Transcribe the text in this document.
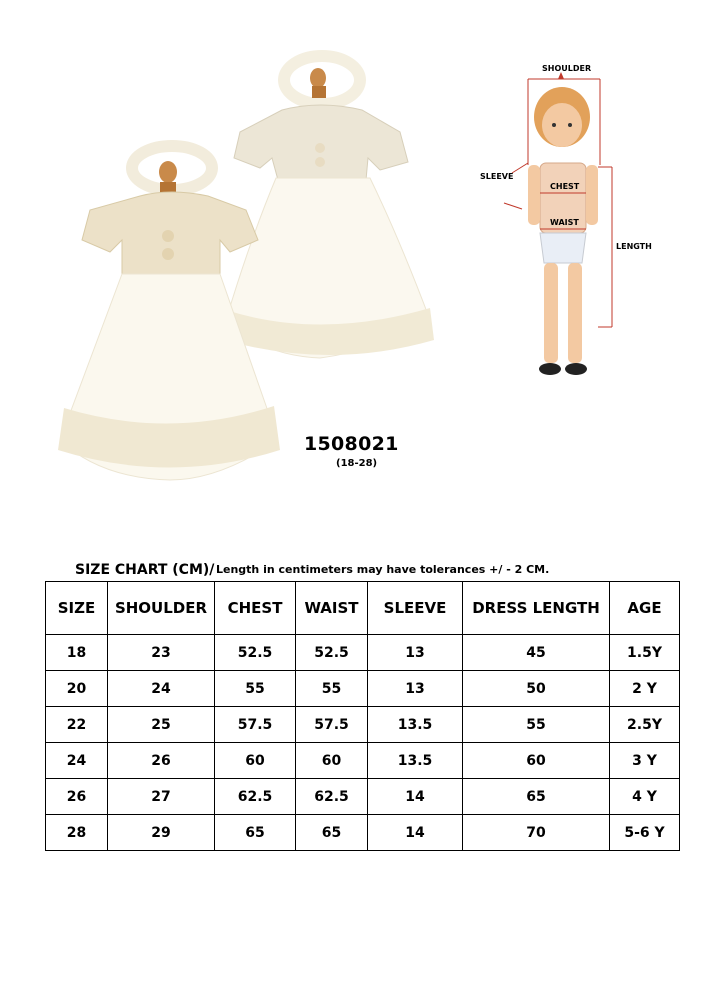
SHOULDER
CHEST
WAIST
SLEEVE
LENGTH
1508021
(18-28)
SIZE CHART (CM)/ Length in centimeters may have tolerances +/ - 2 CM.
SIZE	SHOULDER	CHEST	WAIST	SLEEVE	DRESS LENGTH	AGE
18	23	52.5	52.5	13	45	1.5Y
20	24	55	55	13	50	2 Y
22	25	57.5	57.5	13.5	55	2.5Y
24	26	60	60	13.5	60	3 Y
26	27	62.5	62.5	14	65	4 Y
28	29	65	65	14	70	5-6 Y
